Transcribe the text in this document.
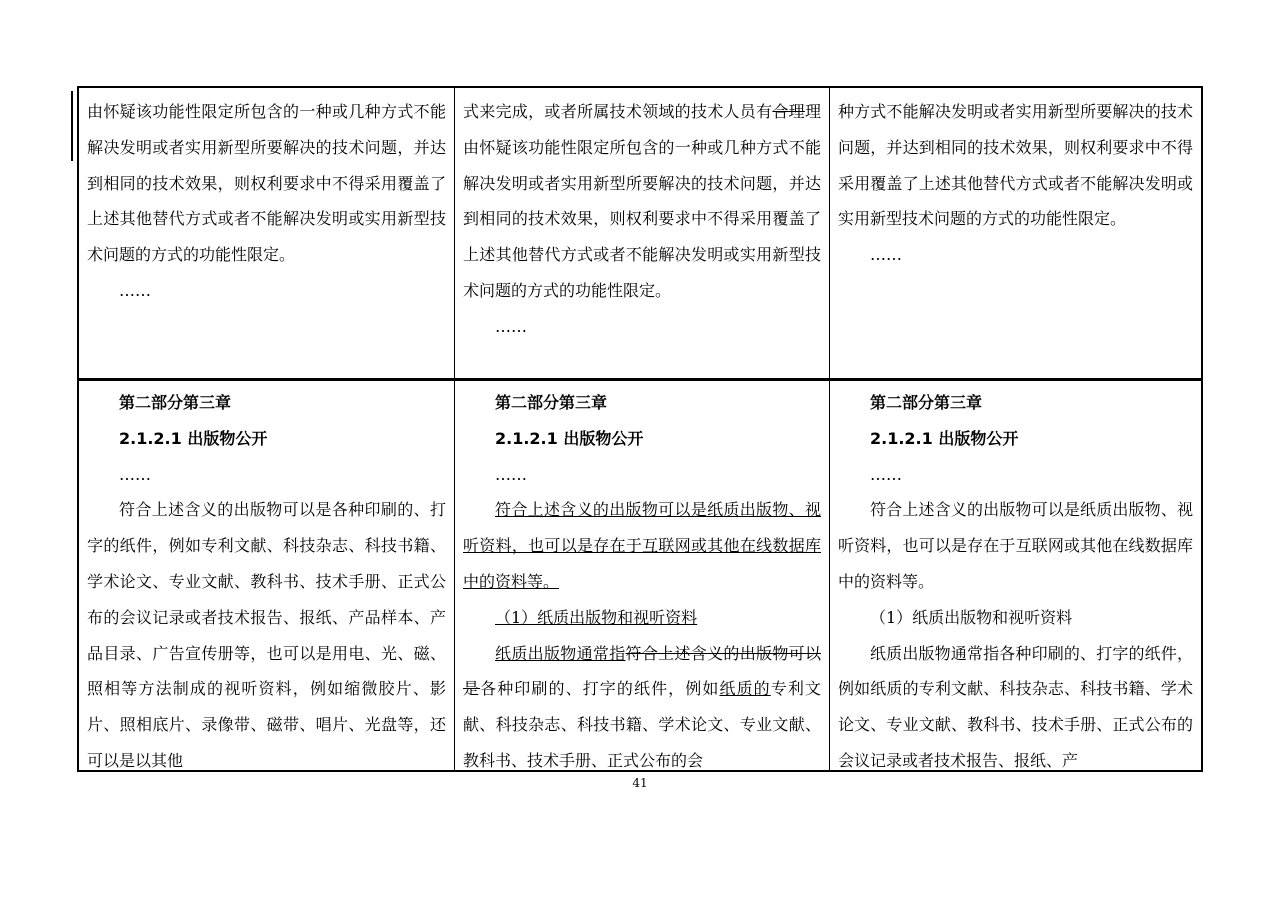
由怀疑该功能性限定所包含的一种或几种方式不能解决发明或者实用新型所要解决的技术问题，并达到相同的技术效果，则权利要求中不得采用覆盖了上述其他替代方式或者不能解决发明或实用新型技术问题的方式的功能性限定。

……

式来完成，或者所属技术领域的技术人员有合理理由怀疑该功能性限定所包含的一种或几种方式不能解决发明或者实用新型所要解决的技术问题，并达到相同的技术效果，则权利要求中不得采用覆盖了上述其他替代方式或者不能解决发明或实用新型技术问题的方式的功能性限定。

……

种方式不能解决发明或者实用新型所要解决的技术问题，并达到相同的技术效果，则权利要求中不得采用覆盖了上述其他替代方式或者不能解决发明或实用新型技术问题的方式的功能性限定。

……

第二部分第三章

2.1.2.1 出版物公开

……

符合上述含义的出版物可以是各种印刷的、打字的纸件，例如专利文献、科技杂志、科技书籍、学术论文、专业文献、教科书、技术手册、正式公布的会议记录或者技术报告、报纸、产品样本、产品目录、广告宣传册等，也可以是用电、光、磁、照相等方法制成的视听资料，例如缩微胶片、影片、照相底片、录像带、磁带、唱片、光盘等，还可以是以其他

第二部分第三章

2.1.2.1 出版物公开

……

符合上述含义的出版物可以是纸质出版物、视听资料，也可以是存在于互联网或其他在线数据库中的资料等。

（1）纸质出版物和视听资料

纸质出版物通常指符合上述含义的出版物可以是各种印刷的、打字的纸件，例如纸质的专利文献、科技杂志、科技书籍、学术论文、专业文献、教科书、技术手册、正式公布的会

第二部分第三章

2.1.2.1 出版物公开

……

符合上述含义的出版物可以是纸质出版物、视听资料，也可以是存在于互联网或其他在线数据库中的资料等。

（1）纸质出版物和视听资料

纸质出版物通常指各种印刷的、打字的纸件，例如纸质的专利文献、科技杂志、科技书籍、学术论文、专业文献、教科书、技术手册、正式公布的会议记录或者技术报告、报纸、产

41
